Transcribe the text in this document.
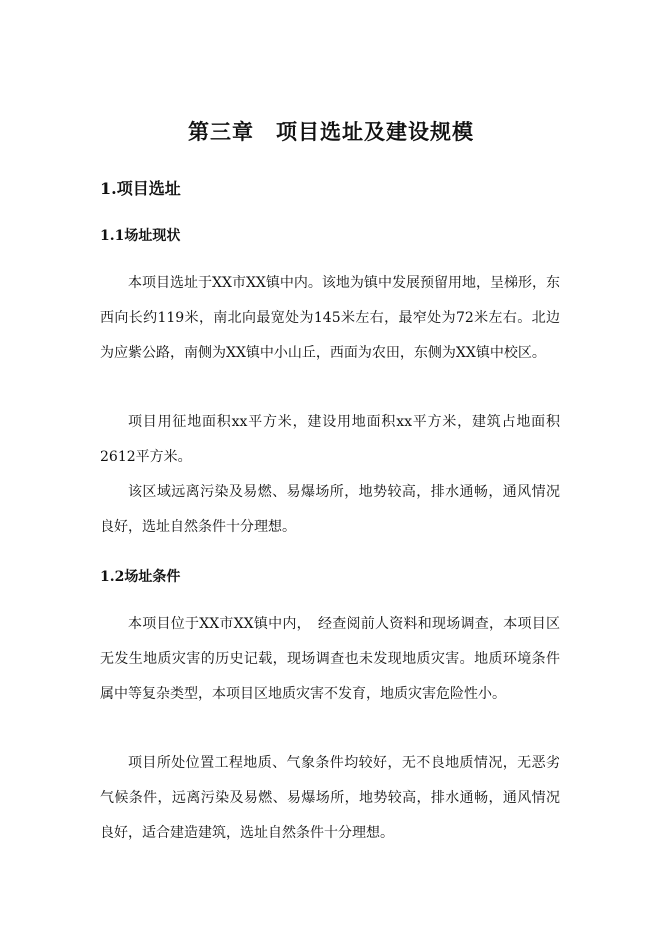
第三章　项目选址及建设规模
1.项目选址
1.1场址现状

本项目选址于XX市XX镇中内。该地为镇中发展预留用地，呈梯形，东西向长约119米，南北向最宽处为145米左右，最窄处为72米左右。北边为应紫公路，南侧为XX镇中小山丘，西面为农田，东侧为XX镇中校区。

项目用征地面积xx平方米，建设用地面积xx平方米，建筑占地面积2612平方米。

该区域远离污染及易燃、易爆场所，地势较高，排水通畅，通风情况良好，选址自然条件十分理想。

1.2场址条件

本项目位于XX市XX镇中内，　经查阅前人资料和现场调查，本项目区无发生地质灾害的历史记载，现场调查也未发现地质灾害。地质环境条件属中等复杂类型，本项目区地质灾害不发育，地质灾害危险性小。

项目所处位置工程地质、气象条件均较好，无不良地质情况，无恶劣气候条件，远离污染及易燃、易爆场所，地势较高，排水通畅，通风情况良好，适合建造建筑，选址自然条件十分理想。
